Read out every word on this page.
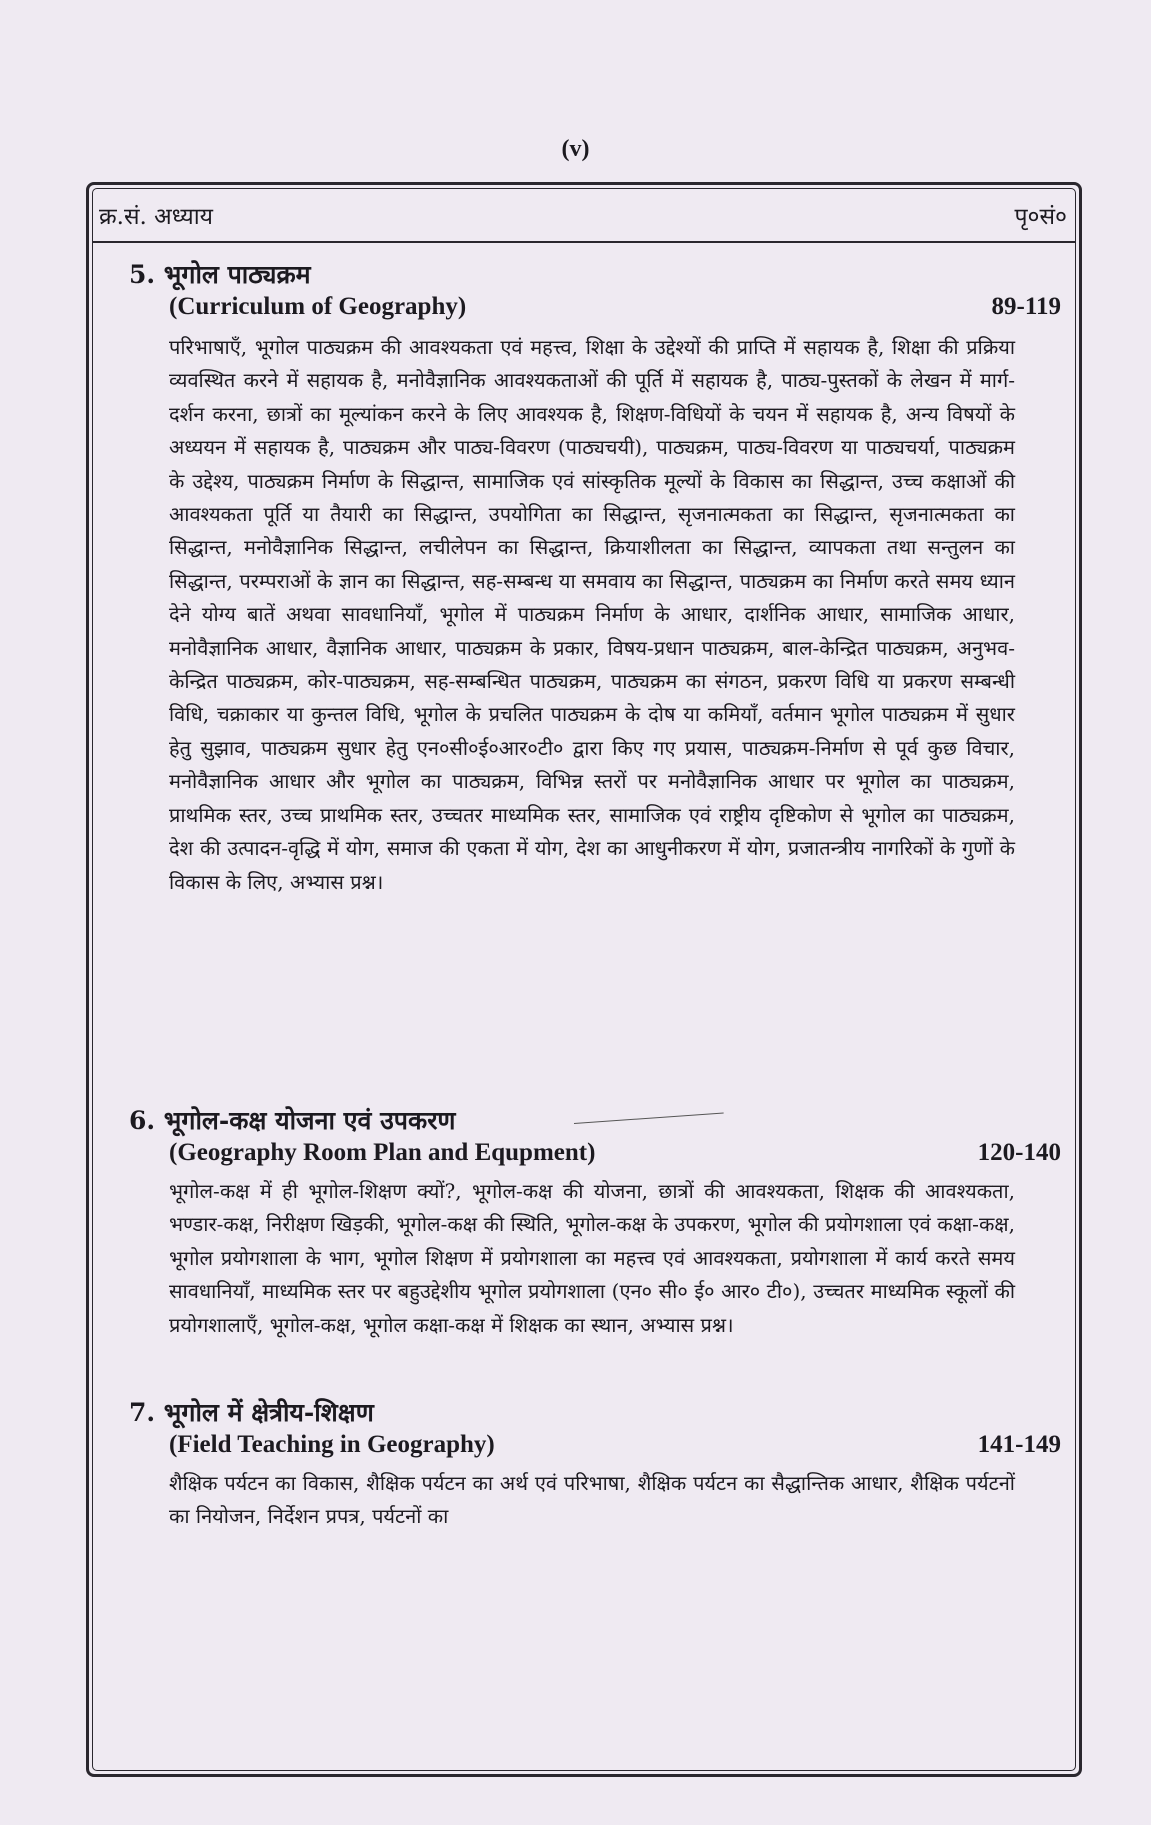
(v)
क्र.सं. अध्याय	पृ०सं०
5. भूगोल पाठ्यक्रम
(Curriculum of Geography)	89-119

परिभाषाएँ, भूगोल पाठ्यक्रम की आवश्यकता एवं महत्त्व, शिक्षा के उद्देश्यों की प्राप्ति में सहायक है, शिक्षा की प्रक्रिया व्यवस्थित करने में सहायक है, मनोवैज्ञानिक आवश्यकताओं की पूर्ति में सहायक है, पाठ्य-पुस्तकों के लेखन में मार्ग-दर्शन करना, छात्रों का मूल्यांकन करने के लिए आवश्यक है, शिक्षण-विधियों के चयन में सहायक है, अन्य विषयों के अध्ययन में सहायक है, पाठ्यक्रम और पाठ्य-विवरण (पाठ्यचयी), पाठ्यक्रम, पाठ्य-विवरण या पाठ्यचर्या, पाठ्यक्रम के उद्देश्य, पाठ्यक्रम निर्माण के सिद्धान्त, सामाजिक एवं सांस्कृतिक मूल्यों के विकास का सिद्धान्त, उच्च कक्षाओं की आवश्यकता पूर्ति या तैयारी का सिद्धान्त, उपयोगिता का सिद्धान्त, सृजनात्मकता का सिद्धान्त, सृजनात्मकता का सिद्धान्त, मनोवैज्ञानिक सिद्धान्त, लचीलेपन का सिद्धान्त, क्रियाशीलता का सिद्धान्त, व्यापकता तथा सन्तुलन का सिद्धान्त, परम्पराओं के ज्ञान का सिद्धान्त, सह-सम्बन्ध या समवाय का सिद्धान्त, पाठ्यक्रम का निर्माण करते समय ध्यान देने योग्य बातें अथवा सावधानियाँ, भूगोल में पाठ्यक्रम निर्माण के आधार, दार्शनिक आधार, सामाजिक आधार, मनोवैज्ञानिक आधार, वैज्ञानिक आधार, पाठ्यक्रम के प्रकार, विषय-प्रधान पाठ्यक्रम, बाल-केन्द्रित पाठ्यक्रम, अनुभव-केन्द्रित पाठ्यक्रम, कोर-पाठ्यक्रम, सह-सम्बन्धित पाठ्यक्रम, पाठ्यक्रम का संगठन, प्रकरण विधि या प्रकरण सम्बन्धी विधि, चक्राकार या कुन्तल विधि, भूगोल के प्रचलित पाठ्यक्रम के दोष या कमियाँ, वर्तमान भूगोल पाठ्यक्रम में सुधार हेतु सुझाव, पाठ्यक्रम सुधार हेतु एन०सी०ई०आर०टी० द्वारा किए गए प्रयास, पाठ्यक्रम-निर्माण से पूर्व कुछ विचार, मनोवैज्ञानिक आधार और भूगोल का पाठ्यक्रम, विभिन्न स्तरों पर मनोवैज्ञानिक आधार पर भूगोल का पाठ्यक्रम, प्राथमिक स्तर, उच्च प्राथमिक स्तर, उच्चतर माध्यमिक स्तर, सामाजिक एवं राष्ट्रीय दृष्टिकोण से भूगोल का पाठ्यक्रम, देश की उत्पादन-वृद्धि में योग, समाज की एकता में योग, देश का आधुनीकरण में योग, प्रजातन्त्रीय नागरिकों के गुणों के विकास के लिए, अभ्यास प्रश्न।

6. भूगोल-कक्ष योजना एवं उपकरण
(Geography Room Plan and Equpment)	120-140

भूगोल-कक्ष में ही भूगोल-शिक्षण क्यों?, भूगोल-कक्ष की योजना, छात्रों की आवश्यकता, शिक्षक की आवश्यकता, भण्डार-कक्ष, निरीक्षण खिड़की, भूगोल-कक्ष की स्थिति, भूगोल-कक्ष के उपकरण, भूगोल की प्रयोगशाला एवं कक्षा-कक्ष, भूगोल प्रयोगशाला के भाग, भूगोल शिक्षण में प्रयोगशाला का महत्त्व एवं आवश्यकता, प्रयोगशाला में कार्य करते समय सावधानियाँ, माध्यमिक स्तर पर बहुउद्देशीय भूगोल प्रयोगशाला (एन० सी० ई० आर० टी०), उच्चतर माध्यमिक स्कूलों की प्रयोगशालाएँ, भूगोल-कक्ष, भूगोल कक्षा-कक्ष में शिक्षक का स्थान, अभ्यास प्रश्न।

7. भूगोल में क्षेत्रीय-शिक्षण
(Field Teaching in Geography)	141-149

शैक्षिक पर्यटन का विकास, शैक्षिक पर्यटन का अर्थ एवं परिभाषा, शैक्षिक पर्यटन का सैद्धान्तिक आधार, शैक्षिक पर्यटनों का नियोजन, निर्देशन प्रपत्र, पर्यटनों का
